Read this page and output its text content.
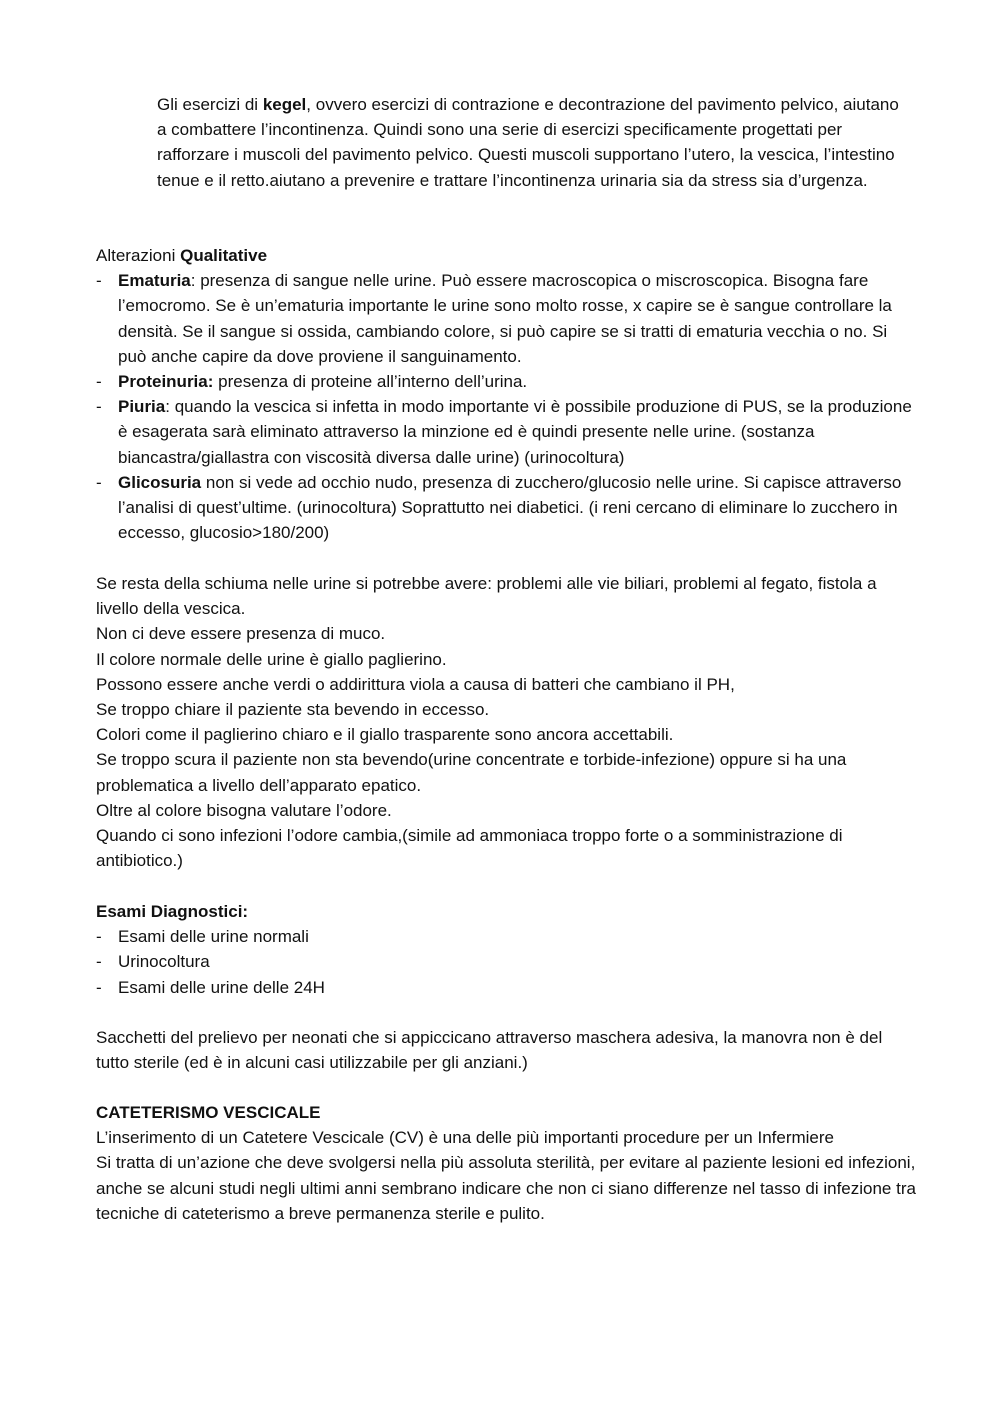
Gli esercizi di kegel, ovvero esercizi di contrazione e decontrazione del pavimento pelvico, aiutano a combattere l’incontinenza. Quindi sono una serie di esercizi specificamente progettati per rafforzare i muscoli del pavimento pelvico. Questi muscoli supportano l’utero, la vescica, l’intestino tenue e il retto.aiutano a prevenire e trattare l’incontinenza urinaria sia da stress sia d’urgenza.

Alterazioni Qualitative

- Ematuria: presenza di sangue nelle urine. Può essere macroscopica o miscroscopica. Bisogna fare l’emocromo. Se è un’ematuria importante le urine sono molto rosse, x capire se è sangue controllare la densità. Se il sangue si ossida, cambiando colore, si può capire se si tratti di ematuria vecchia o no. Si può anche capire da dove proviene il sanguinamento.
- Proteinuria: presenza di proteine all’interno dell’urina.
- Piuria: quando la vescica si infetta in modo importante vi è possibile produzione di PUS, se la produzione è esagerata sarà eliminato attraverso la minzione ed è quindi presente nelle urine. (sostanza biancastra/giallastra con viscosità diversa dalle urine) (urinocoltura)
- Glicosuria non si vede ad occhio nudo, presenza di zucchero/glucosio nelle urine. Si capisce attraverso l’analisi di quest’ultime. (urinocoltura) Soprattutto nei diabetici. (i reni cercano di eliminare lo zucchero in eccesso, glucosio>180/200)

Se resta della schiuma nelle urine si potrebbe avere: problemi alle vie biliari, problemi al fegato, fistola a livello della vescica.

Non ci deve essere presenza di muco.

Il colore normale delle urine è giallo paglierino.

Possono essere anche verdi o addirittura viola a causa di batteri che cambiano il PH,

Se troppo chiare il paziente sta bevendo in eccesso.

Colori come il paglierino chiaro e il giallo trasparente sono ancora accettabili.

Se troppo scura il paziente non sta bevendo(urine concentrate e torbide-infezione) oppure si ha una problematica a livello dell’apparato epatico.

Oltre al colore bisogna valutare l’odore.

Quando ci sono infezioni l’odore cambia,(simile ad ammoniaca troppo forte o a somministrazione di antibiotico.)

Esami Diagnostici:

- Esami delle urine normali
- Urinocoltura
- Esami delle urine delle 24H

Sacchetti del prelievo per neonati che si appiccicano attraverso maschera adesiva, la manovra non è del tutto sterile (ed è in alcuni casi utilizzabile per gli anziani.)

CATETERISMO VESCICALE

L’inserimento di un Catetere Vescicale (CV) è una delle più importanti procedure per un Infermiere

Si tratta di un’azione che deve svolgersi nella più assoluta sterilità, per evitare al paziente lesioni ed infezioni, anche se alcuni studi negli ultimi anni sembrano indicare che non ci siano differenze nel tasso di infezione tra tecniche di cateterismo a breve permanenza sterile e pulito.
